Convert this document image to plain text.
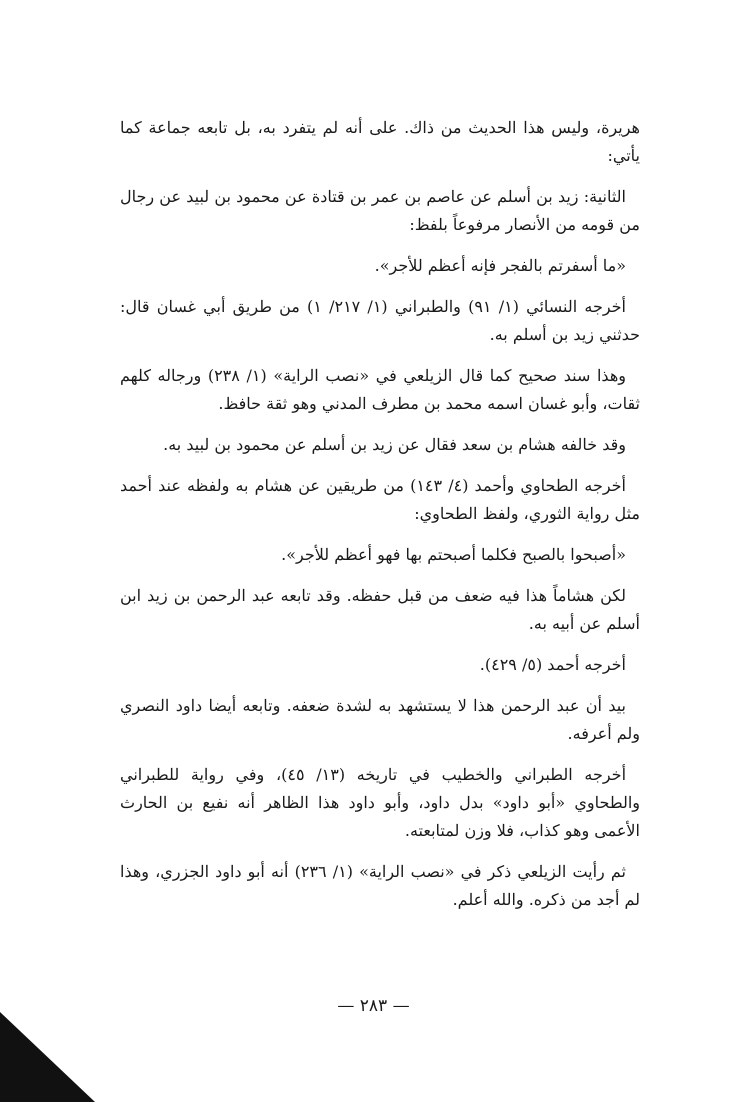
هريرة، وليس هذا الحديث من ذاك. على أنه لم يتفرد به، بل تابعه جماعة كما يأتي:

الثانية: زيد بن أسلم عن عاصم بن عمر بن قتادة عن محمود بن لبيد عن رجال من قومه من الأنصار مرفوعاً بلفظ:

«ما أسفرتم بالفجر فإنه أعظم للأجر».

أخرجه النسائي (١/ ٩١) والطبراني (١/ ٢١٧/ ١) من طريق أبي غسان قال: حدثني زيد بن أسلم به.

وهذا سند صحيح كما قال الزيلعي في «نصب الراية» (١/ ٢٣٨) ورجاله كلهم ثقات، وأبو غسان اسمه محمد بن مطرف المدني وهو ثقة حافظ.

وقد خالفه هشام بن سعد فقال عن زيد بن أسلم عن محمود بن لبيد به.

أخرجه الطحاوي وأحمد (٤/ ١٤٣) من طريقين عن هشام به ولفظه عند أحمد مثل رواية الثوري، ولفظ الطحاوي:

«أصبحوا بالصبح فكلما أصبحتم بها فهو أعظم للأجر».

لكن هشاماً هذا فيه ضعف من قبل حفظه. وقد تابعه عبد الرحمن بن زيد ابن أسلم عن أبيه به.

أخرجه أحمد (٥/ ٤٢٩).

بيد أن عبد الرحمن هذا لا يستشهد به لشدة ضعفه. وتابعه أيضا داود النصري ولم أعرفه.

أخرجه الطبراني والخطيب في تاريخه (١٣/ ٤٥)، وفي رواية للطبراني والطحاوي «أبو داود» بدل داود، وأبو داود هذا الظاهر أنه نفيع بن الحارث الأعمى وهو كذاب، فلا وزن لمتابعته.

ثم رأيت الزيلعي ذكر في «نصب الراية» (١/ ٢٣٦) أنه أبو داود الجزري، وهذا لم أجد من ذكره. والله أعلم.

— ٢٨٣ —
